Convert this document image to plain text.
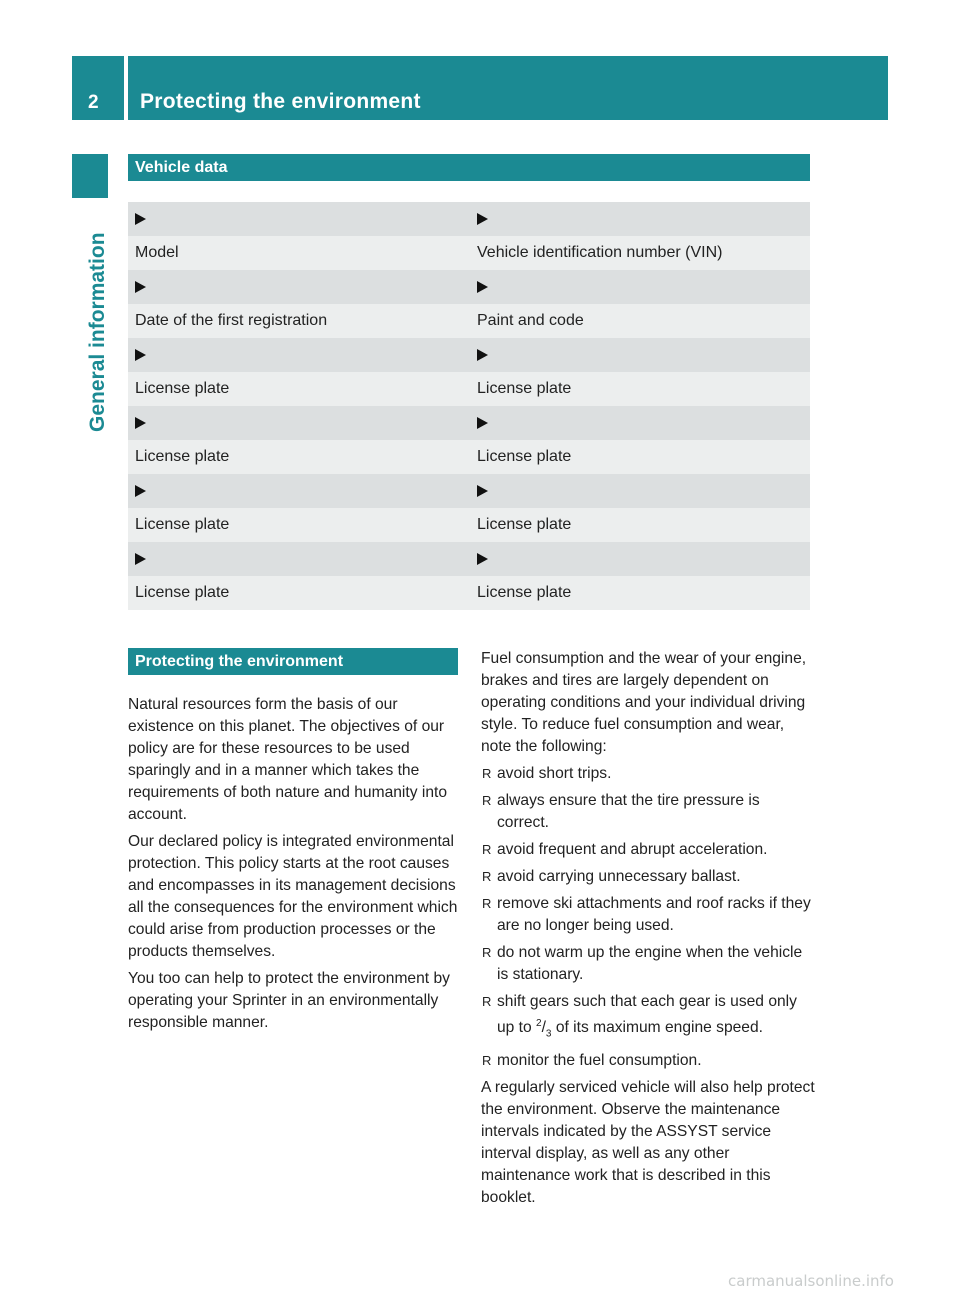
2 Protecting the environment
General information
Vehicle data
Model	Vehicle identification number (VIN)
Date of the first registration	Paint and code
License plate	License plate
License plate	License plate
License plate	License plate
License plate	License plate
Protecting the environment

Natural resources form the basis of our existence on this planet. The objectives of our policy are for these resources to be used sparingly and in a manner which takes the requirements of both nature and humanity into account.

Our declared policy is integrated environmental protection. This policy starts at the root causes and encompasses in its management decisions all the consequences for the environment which could arise from production processes or the products themselves.

You too can help to protect the environment by operating your Sprinter in an environmentally responsible manner.

Fuel consumption and the wear of your engine, brakes and tires are largely dependent on operating conditions and your individual driving style. To reduce fuel consumption and wear, note the following:

R avoid short trips.
R always ensure that the tire pressure is correct.
R avoid frequent and abrupt acceleration.
R avoid carrying unnecessary ballast.
R remove ski attachments and roof racks if they are no longer being used.
R do not warm up the engine when the vehicle is stationary.
R shift gears such that each gear is used only up to $^2/_3$ of its maximum engine speed.
R monitor the fuel consumption.

A regularly serviced vehicle will also help protect the environment. Observe the maintenance intervals indicated by the ASSYST service interval display, as well as any other maintenance work that is described in this booklet.

carmanualsonline.info
